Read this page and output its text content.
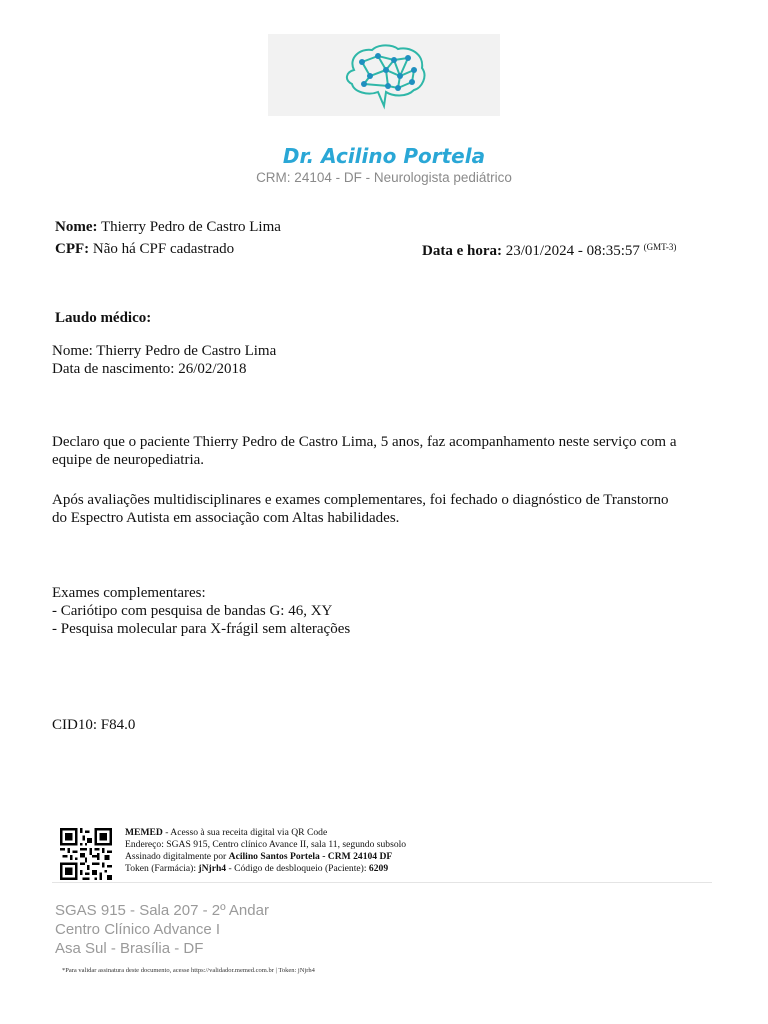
Dr. Acilino Portela
CRM: 24104 - DF - Neurologista pediátrico
Nome: Thierry Pedro de Castro Lima
CPF: Não há CPF cadastrado	Data e hora: 23/01/2024 - 08:35:57 $^{(GMT-3)}$
Laudo médico:
Nome: Thierry Pedro de Castro Lima
Data de nascimento: 26/02/2018
Declaro que o paciente Thierry Pedro de Castro Lima, 5 anos, faz acompanhamento neste serviço com a
equipe de neuropediatria.
Após avaliações multidisciplinares e exames complementares, foi fechado o diagnóstico de Transtorno
do Espectro Autista em associação com Altas habilidades.
Exames complementares:
- Cariótipo com pesquisa de bandas G: 46, XY
- Pesquisa molecular para X-frágil sem alterações
CID10: F84.0
MEMED - Acesso à sua receita digital via QR Code
Endereço: SGAS 915, Centro clínico Avance II, sala 11, segundo subsolo
Assinado digitalmente por Acilino Santos Portela - CRM 24104 DF
Token (Farmácia): jNjrh4 - Código de desbloqueio (Paciente): 6209
SGAS 915 - Sala 207 - 2º Andar
Centro Clínico Advance I
Asa Sul - Brasília - DF
*Para validar assinatura deste documento, acesse https://validador.memed.com.br | Token: jNjrh4
